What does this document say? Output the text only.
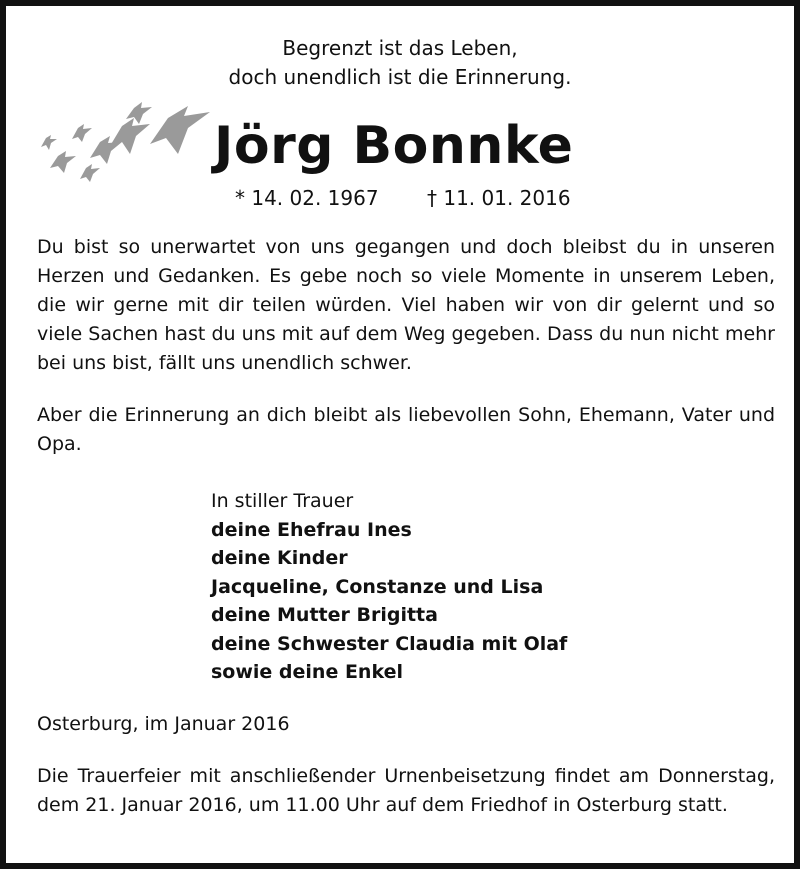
Begrenzt ist das Leben,
doch unendlich ist die Erinnerung.
Jörg Bonnke
* 14. 02. 1967 † 11. 01. 2016
Du bist so unerwartet von uns gegangen und doch bleibst du in unseren Herzen und Gedanken. Es gebe noch so viele Momente in unserem Leben, die wir gerne mit dir teilen würden. Viel haben wir von dir gelernt und so viele Sachen hast du uns mit auf dem Weg gegeben. Dass du nun nicht mehr bei uns bist, fällt uns unendlich schwer.
Aber die Erinnerung an dich bleibt als liebevollen Sohn, Ehemann, Vater und Opa.
In stiller Trauer
deine Ehefrau Ines
deine Kinder
Jacqueline, Constanze und Lisa
deine Mutter Brigitta
deine Schwester Claudia mit Olaf
sowie deine Enkel
Osterburg, im Januar 2016
Die Trauerfeier mit anschließender Urnenbeisetzung findet am Donnerstag, dem 21. Januar 2016, um 11.00 Uhr auf dem Friedhof in Osterburg statt.
